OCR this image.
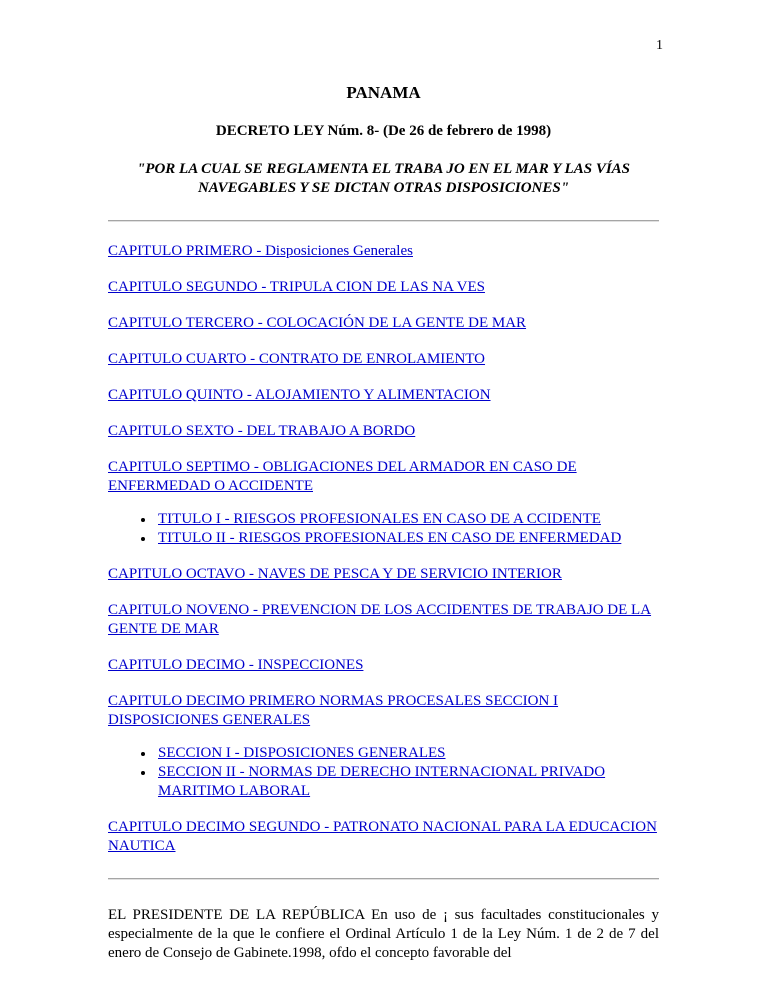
1
PANAMA
DECRETO LEY Núm. 8- (De 26 de febrero de 1998)
"POR LA CUAL SE REGLAMENTA EL TRABA JO EN EL MAR Y LAS VÍAS NAVEGABLES Y SE DICTAN OTRAS DISPOSICIONES"
CAPITULO PRIMERO - Disposiciones Generales
CAPITULO SEGUNDO - TRIPULA CION DE LAS NA VES
CAPITULO TERCERO - COLOCACIÓN DE LA GENTE DE MAR
CAPITULO CUARTO - CONTRATO DE ENROLAMIENTO
CAPITULO QUINTO - ALOJAMIENTO Y ALIMENTACION
CAPITULO SEXTO - DEL TRABAJO A BORDO
CAPITULO SEPTIMO - OBLIGACIONES DEL ARMADOR EN CASO DE ENFERMEDAD O ACCIDENTE
TITULO I - RIESGOS PROFESIONALES EN CASO DE A CCIDENTE
TITULO II - RIESGOS PROFESIONALES EN CASO DE ENFERMEDAD
CAPITULO OCTAVO - NAVES DE PESCA Y DE SERVICIO INTERIOR
CAPITULO NOVENO - PREVENCION DE LOS ACCIDENTES DE TRABAJO DE LA GENTE DE MAR
CAPITULO DECIMO - INSPECCIONES
CAPITULO DECIMO PRIMERO NORMAS PROCESALES SECCION I DISPOSICIONES GENERALES
SECCION I - DISPOSICIONES GENERALES
SECCION II - NORMAS DE DERECHO INTERNACIONAL PRIVADO MARITIMO LABORAL
CAPITULO DECIMO SEGUNDO - PATRONATO NACIONAL PARA LA EDUCACION NAUTICA
EL PRESIDENTE DE LA REPÚBLICA En uso de ¡ sus facultades constitucionales y especialmente de la que le confiere el Ordinal Artículo 1 de la Ley Núm. 1 de 2 de 7 del enero de Consejo de Gabinete.1998, ofdo el concepto favorable del
